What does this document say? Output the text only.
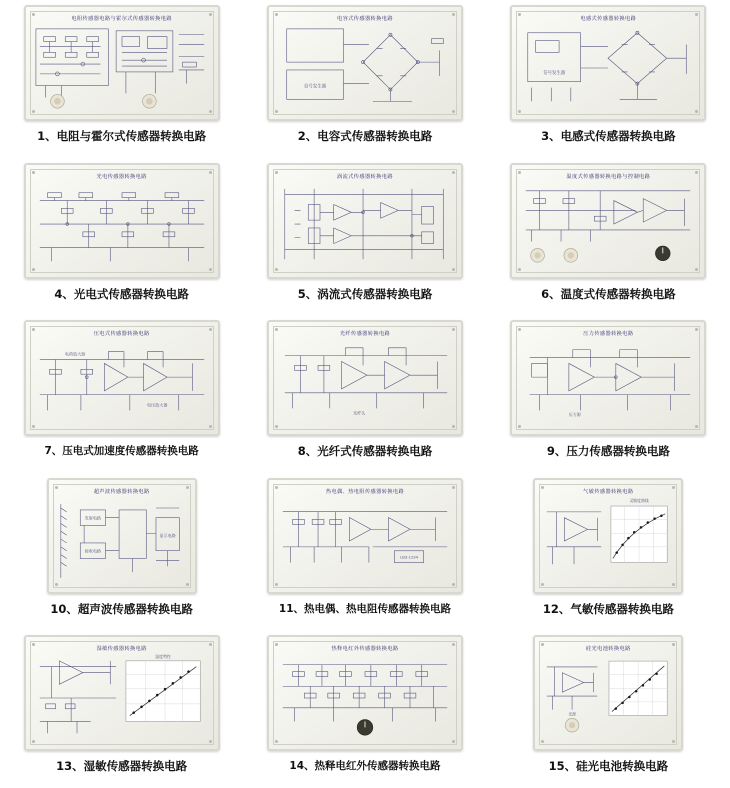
电阻传感器电路与霍尔式传感器转换电路
1、电阻与霍尔式传感器转换电路
电容式传感器转换电路
信号发生器
2、电容式传感器转换电路
电感式传感器转换电路
信号发生器
3、电感式传感器转换电路
光电传感器转换电路
4、光电式传感器转换电路
涡流式传感器转换电路
5、涡流式传感器转换电路
温度式传感器转换电路与控制电路
6、温度式传感器转换电路
压电式传感器转换电路
电荷放大器
电压放大器
7、压电式加速度传感器转换电路
光纤传感器转换电路
光纤头
8、光纤式传感器转换电路
压力传感器转换电路
压力源
9、压力传感器转换电路
超声波传感器转换电路
发射电路
接收电路
显示电路
10、超声波传感器转换电路
热电偶、热电阻传感器转换电路
LED-1234
11、热电偶、热电阻传感器转换电路
气敏传感器转换电路
灵敏度曲线
12、气敏传感器转换电路
湿敏传感器转换电路
湿度特性
13、湿敏传感器转换电路
热释电红外传感器转换电路
14、热释电红外传感器转换电路
硅光电池转换电路
光源
15、硅光电池转换电路
